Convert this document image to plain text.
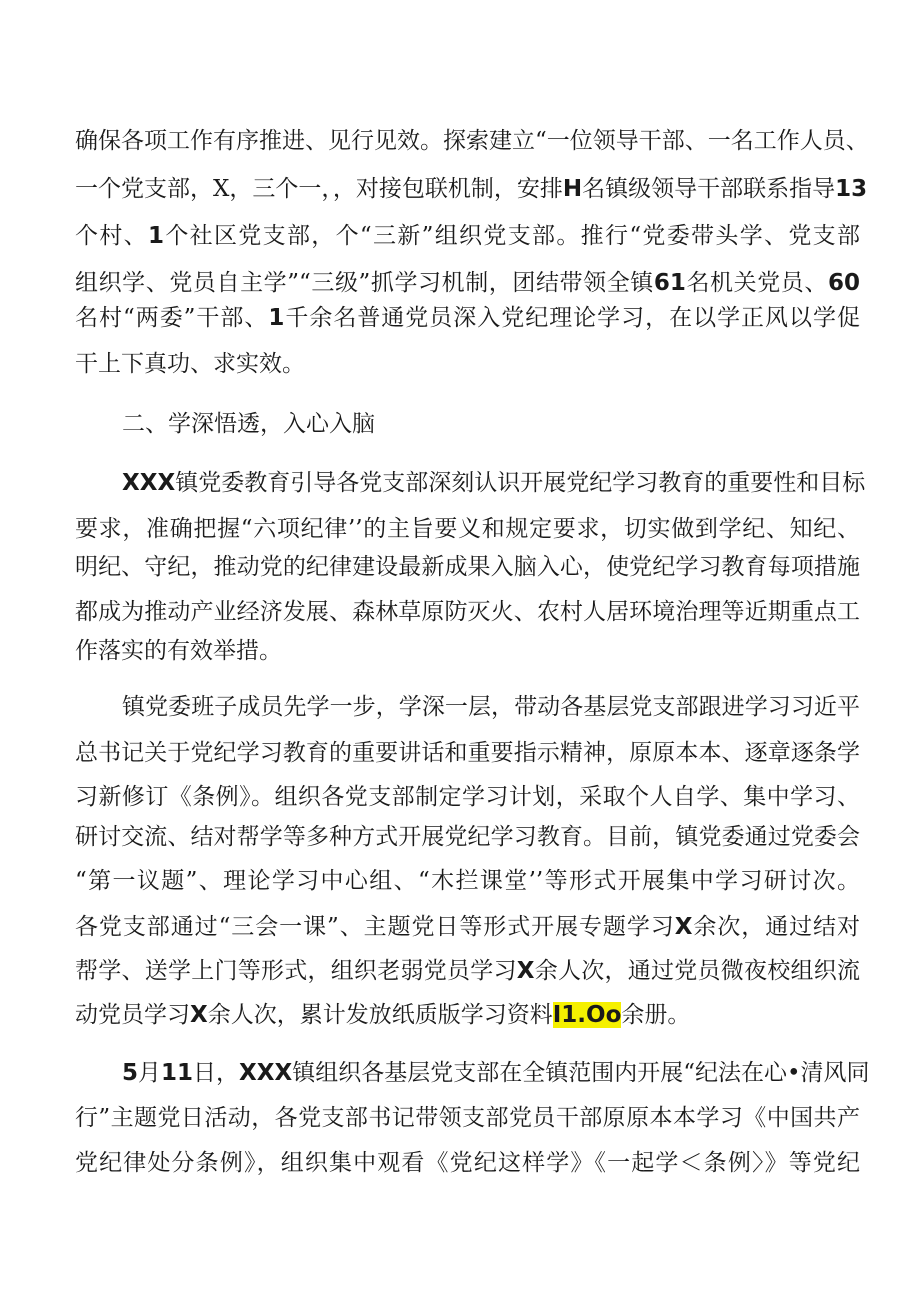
确保各项工作有序推进、见行见效。探索建立“一位领导干部、一名工作人员、
一个党支部，X，三个一，，对接包联机制，安排H名镇级领导干部联系指导13
个村、1个社区党支部，个“三新”组织党支部。推行“党委带头学、党支部
组织学、党员自主学”“三级”抓学习机制，团结带领全镇61名机关党员、60
名村“两委”干部、1千余名普通党员深入党纪理论学习，在以学正风以学促
干上下真功、求实效。
二、学深悟透，入心入脑
XXX镇党委教育引导各党支部深刻认识开展党纪学习教育的重要性和目标
要求，准确把握“六项纪律’’的主旨要义和规定要求，切实做到学纪、知纪、
明纪、守纪，推动党的纪律建设最新成果入脑入心，使党纪学习教育每项措施
都成为推动产业经济发展、森林草原防灭火、农村人居环境治理等近期重点工
作落实的有效举措。
镇党委班子成员先学一步，学深一层，带动各基层党支部跟进学习习近平
总书记关于党纪学习教育的重要讲话和重要指示精神，原原本本、逐章逐条学
习新修订《条例》。组织各党支部制定学习计划，采取个人自学、集中学习、
研讨交流、结对帮学等多种方式开展党纪学习教育。目前，镇党委通过党委会
“第一议题”、理论学习中心组、“木拦课堂’’等形式开展集中学习研讨次。
各党支部通过“三会一课”、主题党日等形式开展专题学习X余次，通过结对
帮学、送学上门等形式，组织老弱党员学习X余人次，通过党员微夜校组织流
动党员学习X余人次，累计发放纸质版学习资料I1.Oo余册。
5月11日，XXX镇组织各基层党支部在全镇范围内开展“纪法在心•清风同
行”主题党日活动，各党支部书记带领支部党员干部原原本本学习《中国共产
党纪律处分条例》，组织集中观看《党纪这样学》《一起学＜条例〉》等党纪
